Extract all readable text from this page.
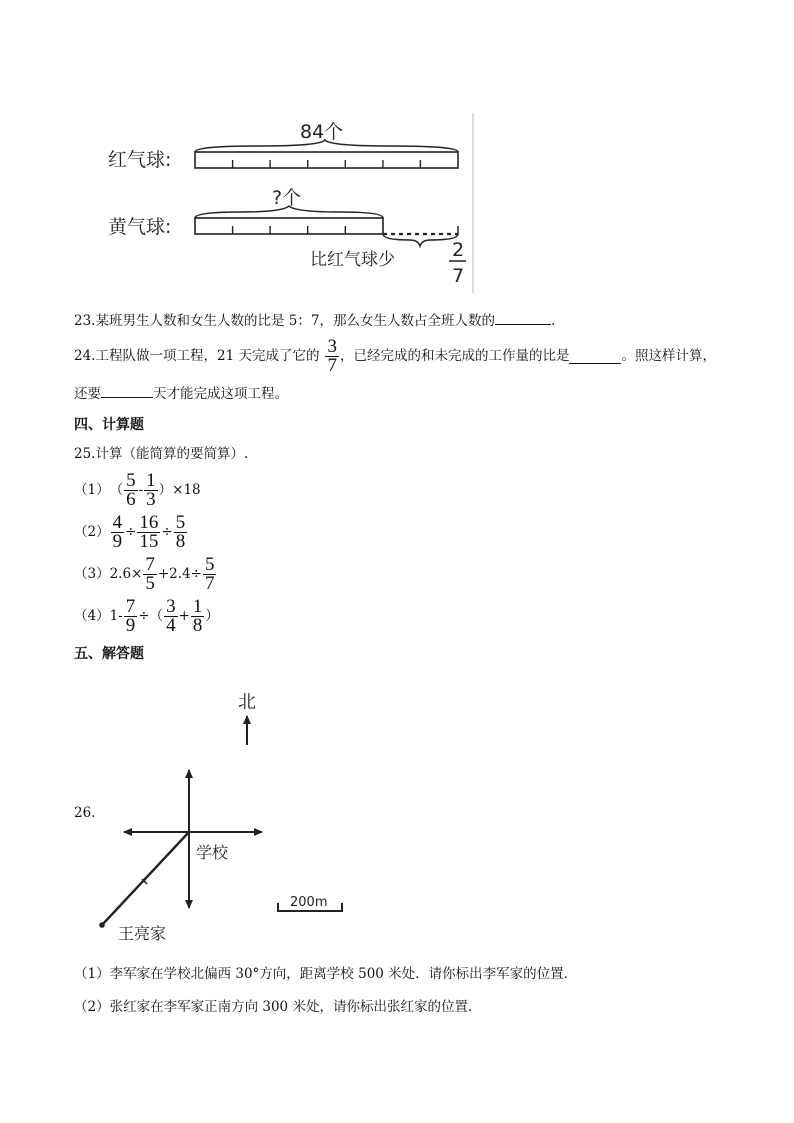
红气球:
84个
黄气球:
?个
比红气球少	2
7
23.某班男生人数和女生人数的比是 5：7，那么女生人数占全班人数的	.
24. 工程队做一项工程，21 天完成了它的 $\frac{3}{7}$ ，已经完成的和未完成的工作量的比是	。照这样计算，
还要	天才能完成这项工程。
四、计算题
25.计算（能简算的要简算）.
（1） （ $\frac{5}{6} - \frac{1}{3} )\times 18$
$(2) \frac{4}{9} \div \frac{16}{15} \div \frac{5}{8}$
（3） $2.6\times \frac{7}{5} +2.4\div \frac{5}{7}$
（4） $1- \frac{7}{9}$ ÷（ $\frac{3}{4} + \frac{1}{8}$ ）
五、解答题
26.
北
学校
王亮家
200m
（1）李军家在学校北偏西 30°方向，距离学校 500 米处．请你标出李军家的位置．
（2）张红家在李军家正南方向 300 米处，请你标出张红家的位置．
